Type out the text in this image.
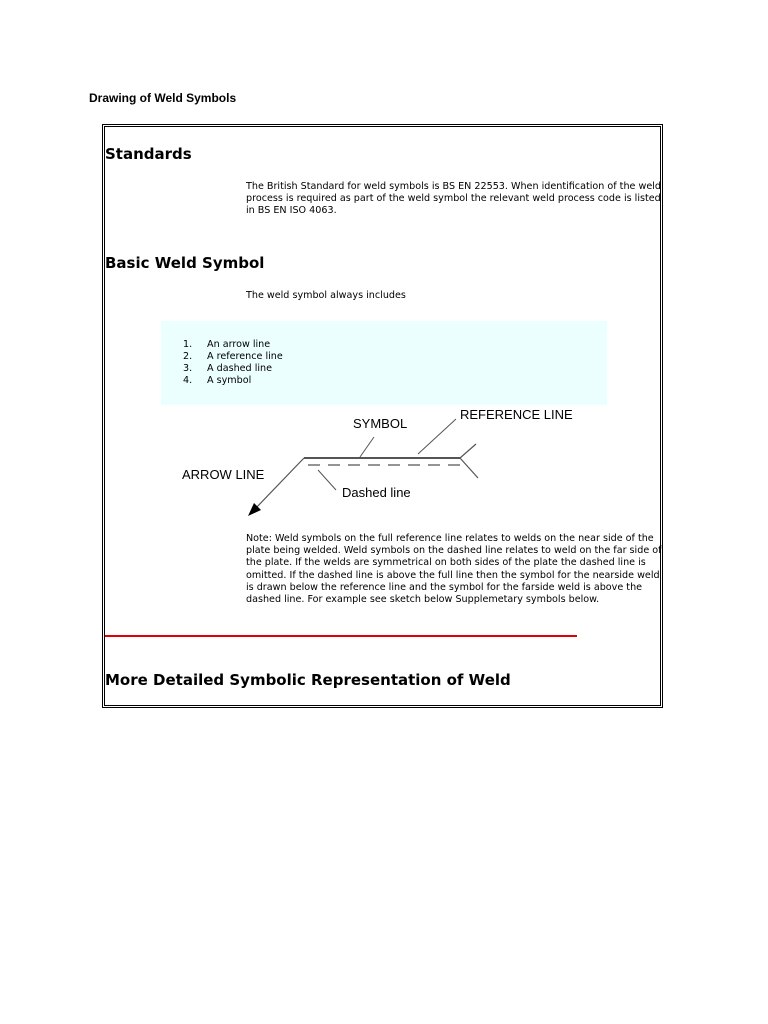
Drawing of Weld Symbols
Standards
The British Standard for weld symbols is BS EN 22553. When identification of the weld process is required as part of the weld symbol the relevant weld process code is listed in BS EN ISO 4063.
Basic Weld Symbol
The weld symbol always includes
1. An arrow line
2. A reference line
3. A dashed line
4. A symbol
SYMBOL
REFERENCE LINE
ARROW LINE
Dashed line
Note: Weld symbols on the full reference line relates to welds on the near side of the plate being welded. Weld symbols on the dashed line relates to weld on the far side of the plate. If the welds are symmetrical on both sides of the plate the dashed line is omitted. If the dashed line is above the full line then the symbol for the nearside weld is drawn below the reference line and the symbol for the farside weld is above the dashed line. For example see sketch below Supplemetary symbols below.
More Detailed Symbolic Representation of Weld
